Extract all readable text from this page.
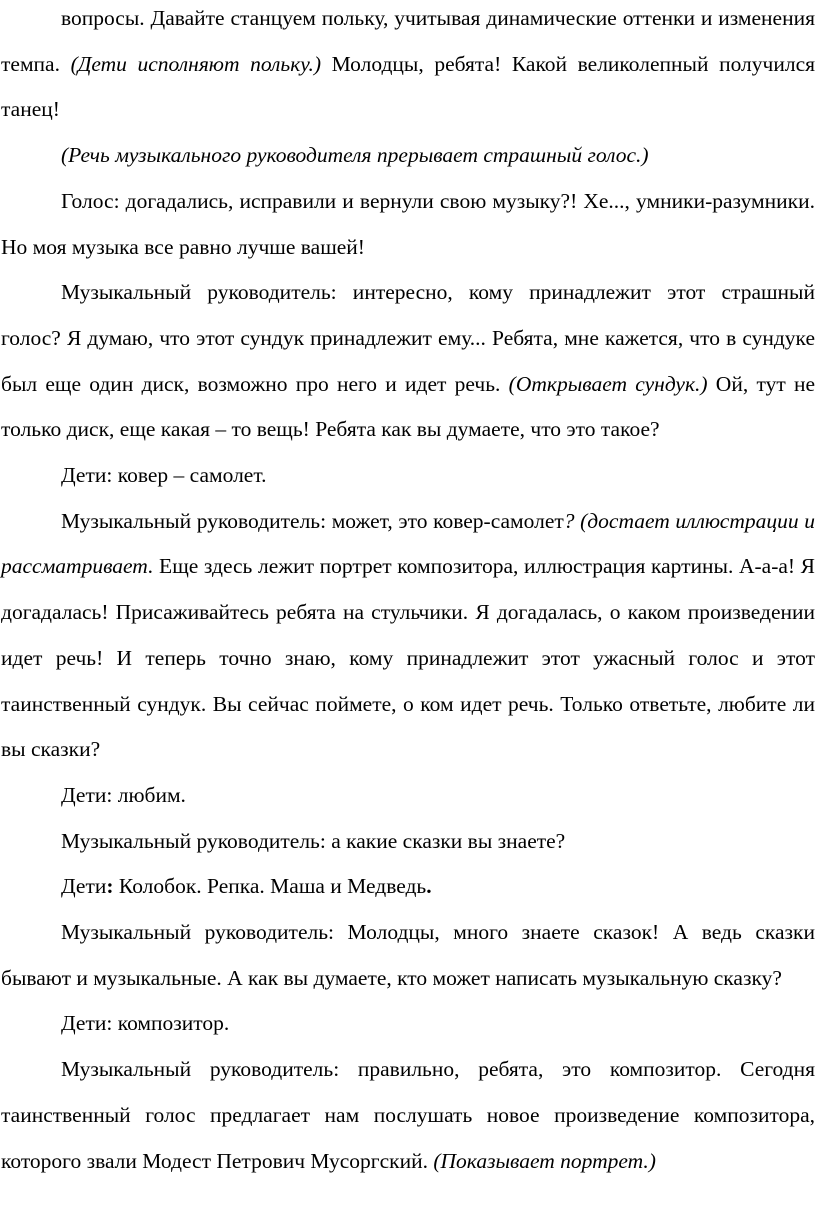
вопросы. Давайте станцуем польку, учитывая динамические оттенки и изменения темпа. (Дети исполняют польку.) Молодцы, ребята! Какой великолепный получился танец!

(Речь музыкального руководителя прерывает страшный голос.)

Голос: догадались, исправили и вернули свою музыку?! Хе..., умники-разумники. Но моя музыка все равно лучше вашей!

Музыкальный руководитель: интересно, кому принадлежит этот страшный голос? Я думаю, что этот сундук принадлежит ему... Ребята, мне кажется, что в сундуке был еще один диск, возможно про него и идет речь. (Открывает сундук.) Ой, тут не только диск, еще какая – то вещь! Ребята как вы думаете, что это такое?

Дети: ковер – самолет.

Музыкальный руководитель: может, это ковер-самолет? (достает иллюстрации и рассматривает. Еще здесь лежит портрет композитора, иллюстрация картины. А-а-а! Я догадалась! Присаживайтесь ребята на стульчики. Я догадалась, о каком произведении идет речь! И теперь точно знаю, кому принадлежит этот ужасный голос и этот таинственный сундук. Вы сейчас поймете, о ком идет речь. Только ответьте, любите ли вы сказки?

Дети: любим.

Музыкальный руководитель: а какие сказки вы знаете?

Дети: Колобок. Репка. Маша и Медведь.

Музыкальный руководитель: Молодцы, много знаете сказок! А ведь сказки бывают и музыкальные. А как вы думаете, кто может написать музыкальную сказку?

Дети: композитор.

Музыкальный руководитель: правильно, ребята, это композитор. Сегодня таинственный голос предлагает нам послушать новое произведение композитора, которого звали Модест Петрович Мусоргский. (Показывает портрет.)
